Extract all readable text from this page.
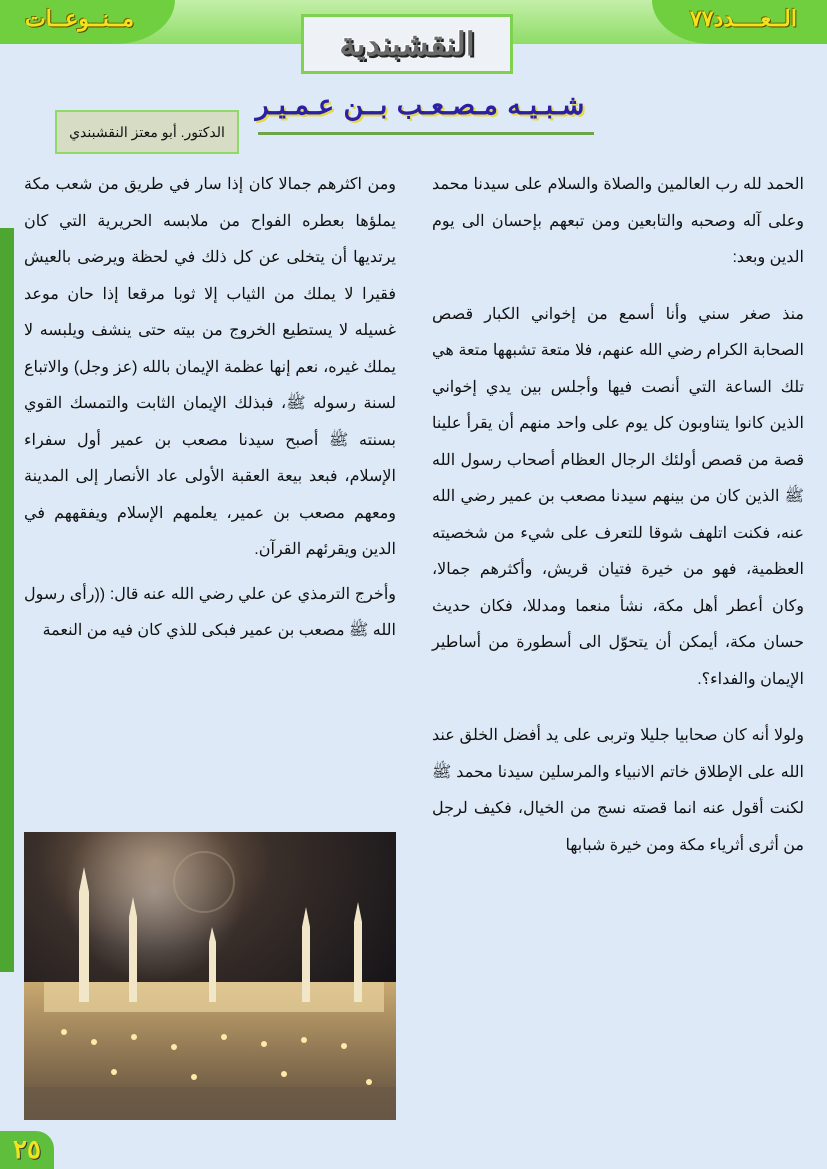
الــعــــدد٧٧
مــنــوعــات
النقشبندية
شـبـيـه مـصـعـب بــن عـمـيـر
الدكتور. أبو معتز النقشبندي

الحمد لله رب العالمين والصلاة والسلام على سيدنا محمد وعلى آله وصحبه والتابعين ومن تبعهم بإحسان الى يوم الدين وبعد:

منذ صغر سني وأنا أسمع من إخواني الكبار قصص الصحابة الكرام رضي الله عنهم، فلا متعة تشبهها متعة هي تلك الساعة التي أنصت فيها وأجلس بين يدي إخواني الذين كانوا يتناوبون كل يوم على واحد منهم أن يقرأ علينا قصة من قصص أولئك الرجال العظام أصحاب رسول الله ﷺ الذين كان من بينهم سيدنا مصعب بن عمير رضي الله عنه، فكنت اتلهف شوقا للتعرف على شيء من شخصيته العظمية، فهو من خيرة فتيان قريش، وأكثرهم جمالا، وكان أعطر أهل مكة، نشأ منعما ومدللا، فكان حديث حسان مكة، أيمكن أن يتحوّل الى أسطورة من أساطير الإيمان والفداء؟.

ولولا أنه كان صحابيا جليلا وتربى على يد أفضل الخلق عند الله على الإطلاق خاتم الانبياء والمرسلين سيدنا محمد ﷺ لكنت أقول عنه انما قصته نسج من الخيال، فكيف لرجل من أثرى أثرياء مكة ومن خيرة شبابها

ومن اكثرهم جمالا كان إذا سار في طريق من شعب مكة يملؤها بعطره الفواح من ملابسه الحريرية التي كان يرتديها أن يتخلى عن كل ذلك في لحظة ويرضى بالعيش فقيرا لا يملك من الثياب إلا ثوبا مرقعا إذا حان موعد غسيله لا يستطيع الخروج من بيته حتى ينشف ويلبسه لا يملك غيره، نعم إنها عظمة الإيمان بالله (عز وجل) والاتباع لسنة رسوله ﷺ، فبذلك الإيمان الثابت والتمسك القوي بسنته ﷺ أصبح سيدنا مصعب بن عمير أول سفراء الإسلام، فبعد بيعة العقبة الأولى عاد الأنصار إلى المدينة ومعهم مصعب بن عمير، يعلمهم الإسلام ويفقههم في الدين ويقرئهم القرآن.

وأخرج الترمذي عن علي رضي الله عنه قال: ((رأى رسول الله ﷺ مصعب بن عمير فبكى للذي كان فيه من النعمة

٢٥
